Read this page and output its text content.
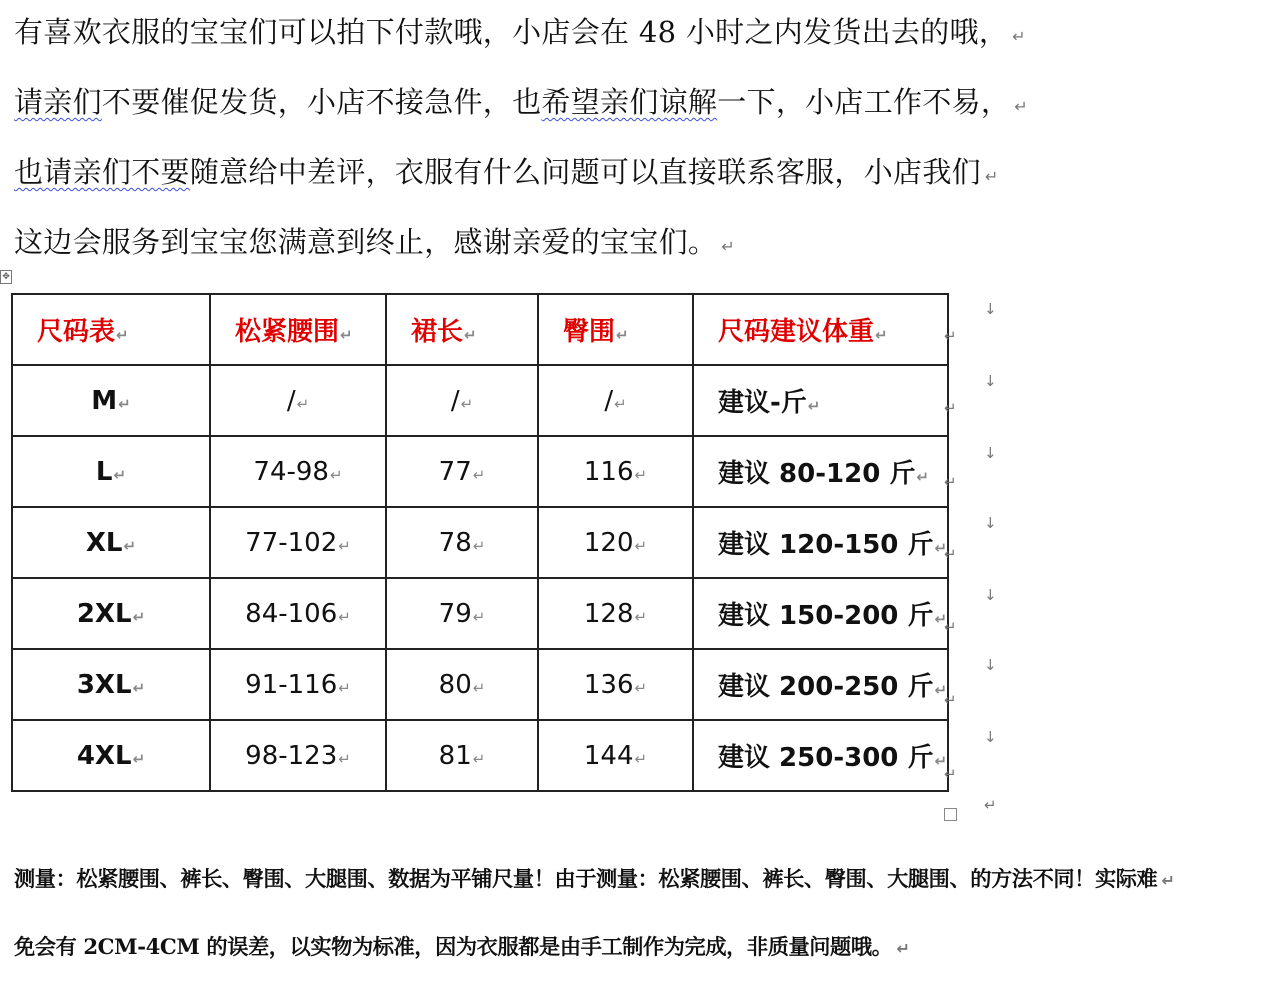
有喜欢衣服的宝宝们可以拍下付款哦，小店会在 48 小时之内发货出去的哦， ↵

请亲们不要催促发货，小店不接急件，也希望亲们谅解一下，小店工作不易， ↵

也请亲们不要随意给中差评，衣服有什么问题可以直接联系客服，小店我们 ↵

这边会服务到宝宝您满意到终止，感谢亲爱的宝宝们。 ↵

✥
尺码表↵	松紧腰围↵	裙长↵	臀围↵	尺码建议体重↵
M↵	/↵	/↵	/↵	建议-斤↵
L↵	74-98↵	77↵	116↵	建议 80-120 斤↵
XL↵	77-102↵	78↵	120↵	建议 120-150 斤↵
2XL↵	84-106↵	79↵	128↵	建议 150-200 斤↵
3XL↵	91-116↵	80↵	136↵	建议 200-250 斤↵
4XL↵	98-123↵	81↵	144↵	建议 250-300 斤↵
↵
↵
↵
↵
↵
↵
↵
↓
↓
↓
↓
↓
↓
↓
↵

测量：松紧腰围、裤长、臀围、大腿围、数据为平铺尺量！由于测量：松紧腰围、裤长、臀围、大腿围、的方法不同！实际难 ↵

免会有 2CM-4CM 的误差，以实物为标准，因为衣服都是由手工制作为完成，非质量问题哦。 ↵
